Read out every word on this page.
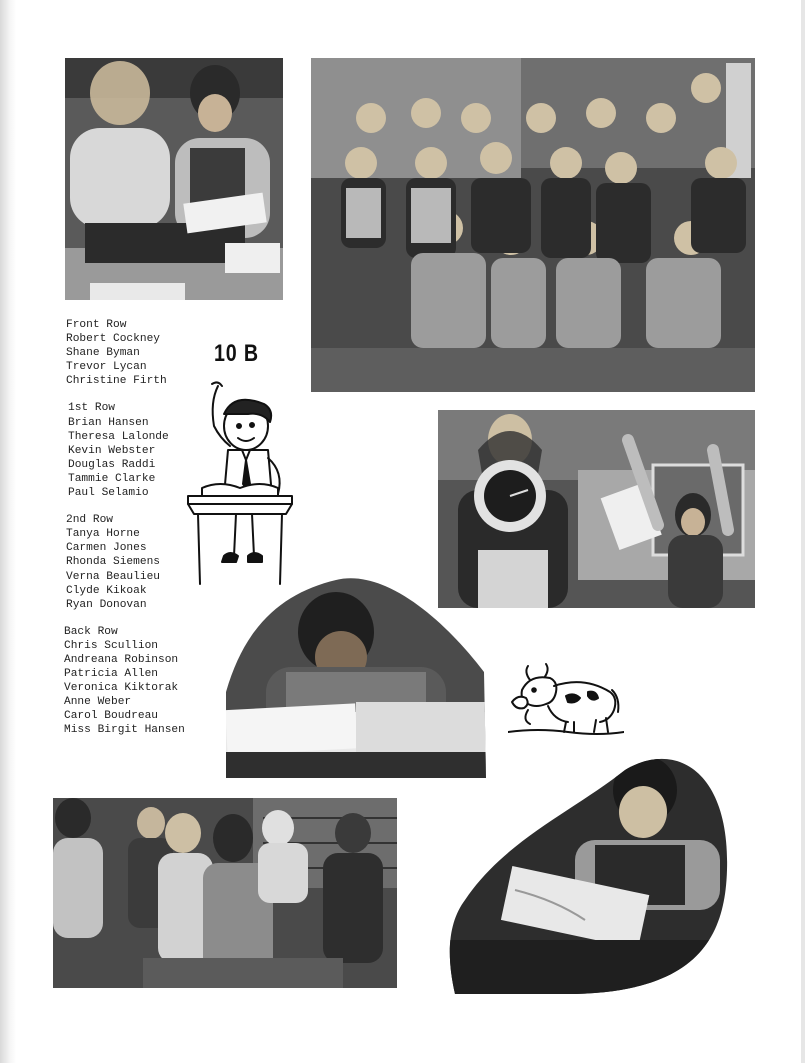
Front Row
Robert Cockney
Shane Byman
Trevor Lycan
Christine Firth
1st Row
Brian Hansen
Theresa Lalonde
Kevin Webster
Douglas Raddi
Tammie Clarke
Paul Selamio
2nd Row
Tanya Horne
Carmen Jones
Rhonda Siemens
Verna Beaulieu
Clyde Kikoak
Ryan Donovan
Back Row
Chris Scullion
Andreana Robinson
Patricia Allen
Veronica Kiktorak
Anne Weber
Carol Boudreau
Miss Birgit Hansen
10 B
